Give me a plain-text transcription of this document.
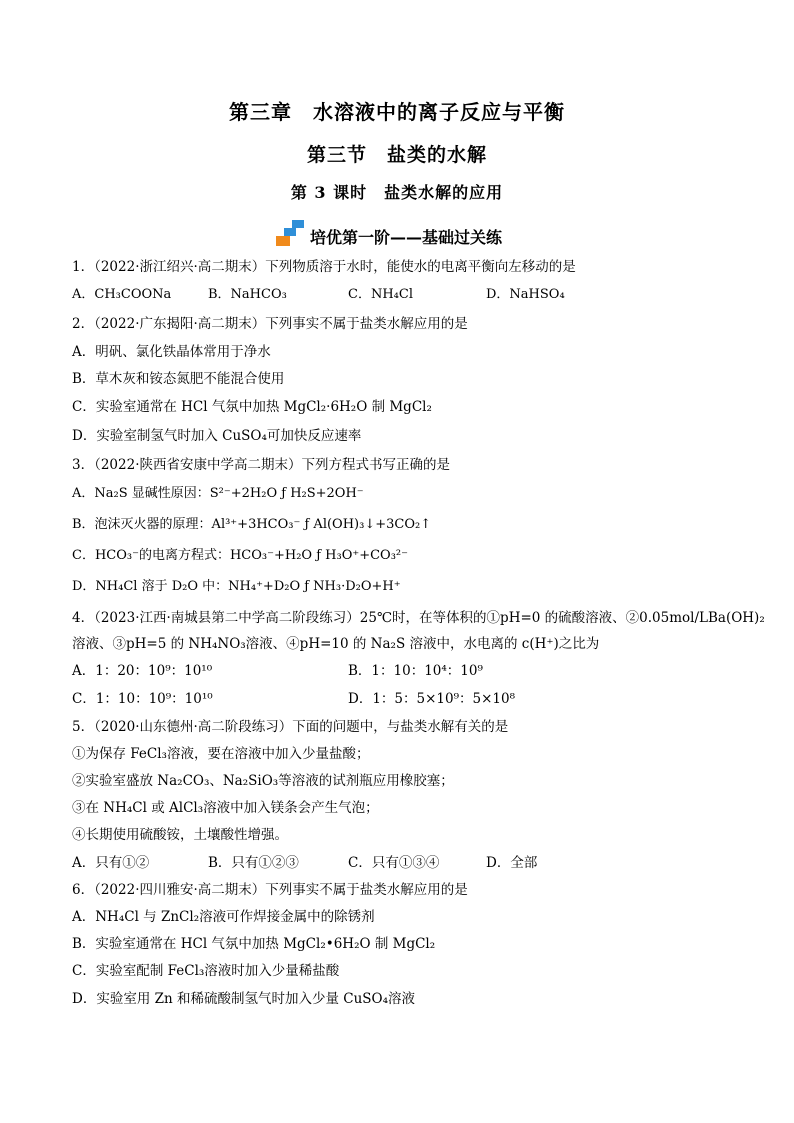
第三章　水溶液中的离子反应与平衡
第三节　盐类的水解
第 3 课时　盐类水解的应用
培优第一阶——基础过关练
1．（2022·浙江绍兴·高二期末）下列物质溶于水时，能使水的电离平衡向左移动的是
A．CH₃COONa	B．NaHCO₃	C．NH₄Cl	D．NaHSO₄
2．（2022·广东揭阳·高二期末）下列事实不属于盐类水解应用的是
A．明矾、氯化铁晶体常用于净水
B．草木灰和铵态氮肥不能混合使用
C．实验室通常在 HCl 气氛中加热 MgCl₂·6H₂O 制 MgCl₂
D．实验室制氢气时加入 CuSO₄可加快反应速率
3．（2022·陕西省安康中学高二期末）下列方程式书写正确的是
A．Na₂S 显碱性原因：S²⁻+2H₂O ƒ H₂S+2OH⁻
B．泡沫灭火器的原理：Al³⁺+3HCO₃⁻ ƒ Al(OH)₃↓+3CO₂↑
C．HCO₃⁻的电离方程式：HCO₃⁻+H₂O ƒ H₃O⁺+CO₃²⁻
D．NH₄Cl 溶于 D₂O 中：NH₄⁺+D₂O ƒ NH₃·D₂O+H⁺
4．（2023·江西·南城县第二中学高二阶段练习）25℃时，在等体积的①pH=0 的硫酸溶液、②0.05mol/LBa(OH)₂
溶液、③pH=5 的 NH₄NO₃溶液、④pH=10 的 Na₂S 溶液中，水电离的 c(H⁺)之比为
A．1：20：10⁹：10¹⁰	B．1：10：10⁴：10⁹
C．1：10：10⁹：10¹⁰	D．1：5：5×10⁹：5×10⁸
5．（2020·山东德州·高二阶段练习）下面的问题中，与盐类水解有关的是
①为保存 FeCl₃溶液，要在溶液中加入少量盐酸；
②实验室盛放 Na₂CO₃、Na₂SiO₃等溶液的试剂瓶应用橡胶塞；
③在 NH₄Cl 或 AlCl₃溶液中加入镁条会产生气泡；
④长期使用硫酸铵，土壤酸性增强。
A．只有①②	B．只有①②③	C．只有①③④	D．全部
6．（2022·四川雅安·高二期末）下列事实不属于盐类水解应用的是
A．NH₄Cl 与 ZnCl₂溶液可作焊接金属中的除锈剂
B．实验室通常在 HCl 气氛中加热 MgCl₂•6H₂O 制 MgCl₂
C．实验室配制 FeCl₃溶液时加入少量稀盐酸
D．实验室用 Zn 和稀硫酸制氢气时加入少量 CuSO₄溶液
